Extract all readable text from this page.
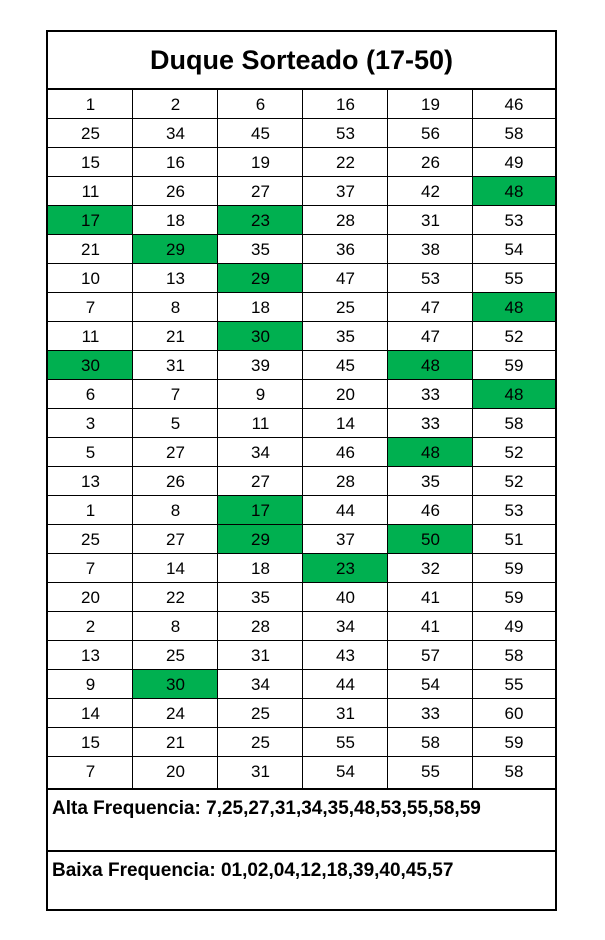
Duque Sorteado (17-50)
1	2	6	16	19	46
25	34	45	53	56	58
15	16	19	22	26	49
11	26	27	37	42	48
17	18	23	28	31	53
21	29	35	36	38	54
10	13	29	47	53	55
7	8	18	25	47	48
11	21	30	35	47	52
30	31	39	45	48	59
6	7	9	20	33	48
3	5	11	14	33	58
5	27	34	46	48	52
13	26	27	28	35	52
1	8	17	44	46	53
25	27	29	37	50	51
7	14	18	23	32	59
20	22	35	40	41	59
2	8	28	34	41	49
13	25	31	43	57	58
9	30	34	44	54	55
14	24	25	31	33	60
15	21	25	55	58	59
7	20	31	54	55	58
Alta Frequencia: 7,25,27,31,34,35,48,53,55,58,59
Baixa Frequencia: 01,02,04,12,18,39,40,45,57
